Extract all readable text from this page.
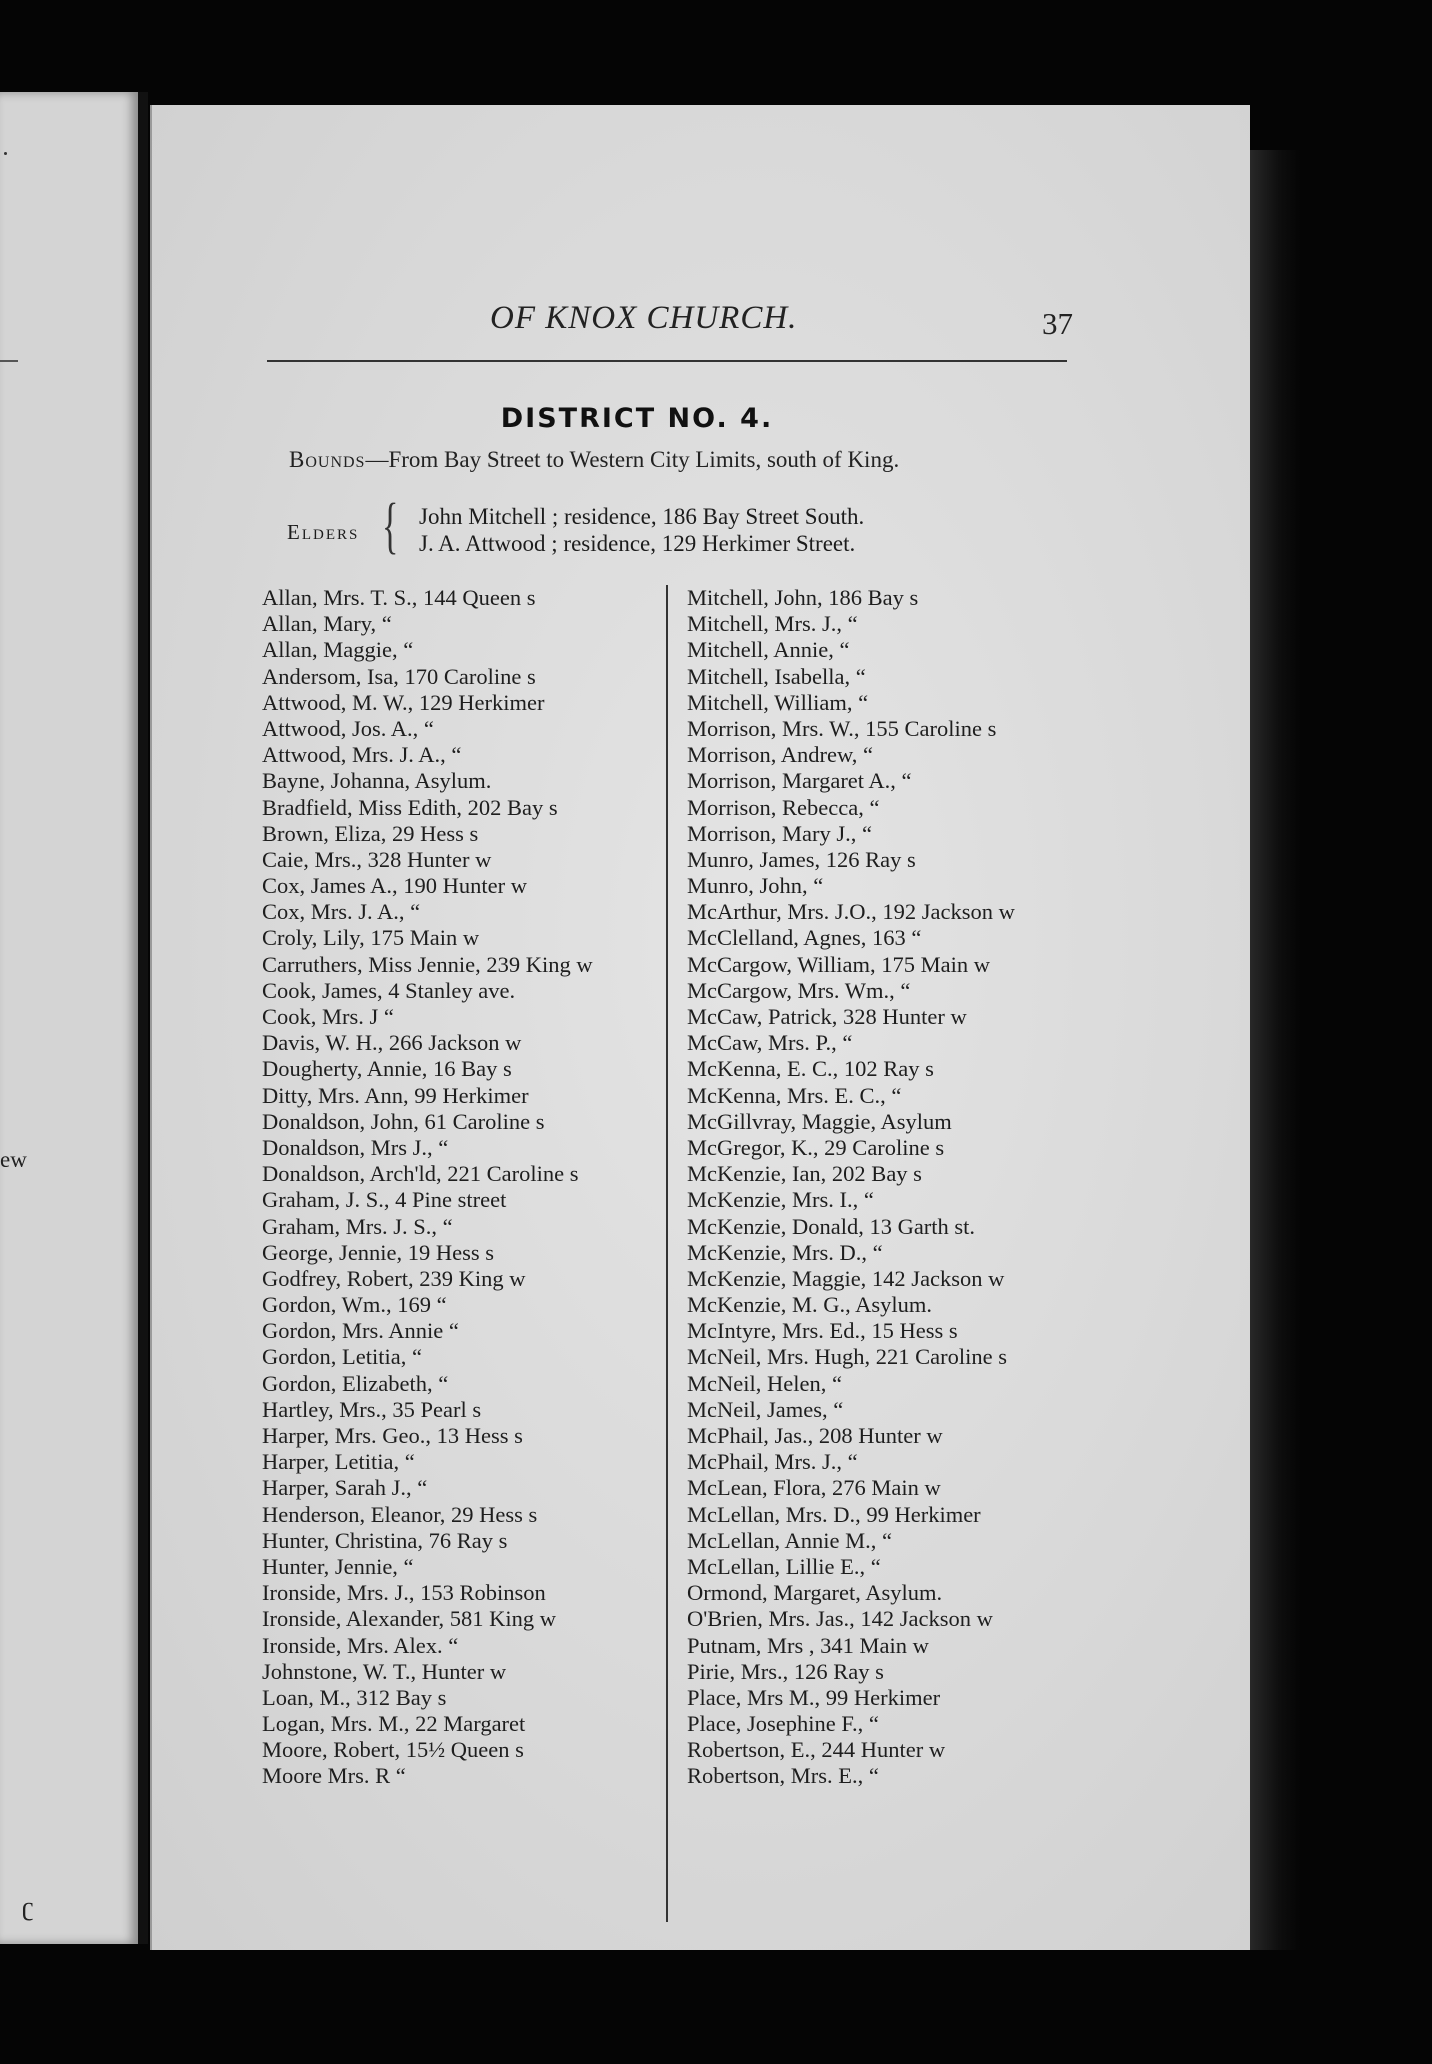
ew
ʗ
OF KNOX CHURCH.	37
DISTRICT NO. 4.
Bounds—From Bay Street to Western City Limits, south of King.
Elders { John Mitchell ; residence, 186 Bay Street South.
J. A. Attwood ; residence, 129 Herkimer Street.
Allan, Mrs. T. S., 144 Queen s
Allan, Mary, “
Allan, Maggie, “
Andersom, Isa, 170 Caroline s
Attwood, M. W., 129 Herkimer
Attwood, Jos. A., “
Attwood, Mrs. J. A., “
Bayne, Johanna, Asylum.
Bradfield, Miss Edith, 202 Bay s
Brown, Eliza, 29 Hess s
Caie, Mrs., 328 Hunter w
Cox, James A., 190 Hunter w
Cox, Mrs. J. A., “
Croly, Lily, 175 Main w
Carruthers, Miss Jennie, 239 King w
Cook, James, 4 Stanley ave.
Cook, Mrs. J “
Davis, W. H., 266 Jackson w
Dougherty, Annie, 16 Bay s
Ditty, Mrs. Ann, 99 Herkimer
Donaldson, John, 61 Caroline s
Donaldson, Mrs J., “
Donaldson, Arch'ld, 221 Caroline s
Graham, J. S., 4 Pine street
Graham, Mrs. J. S., “
George, Jennie, 19 Hess s
Godfrey, Robert, 239 King w
Gordon, Wm., 169 “
Gordon, Mrs. Annie “
Gordon, Letitia, “
Gordon, Elizabeth, “
Hartley, Mrs., 35 Pearl s
Harper, Mrs. Geo., 13 Hess s
Harper, Letitia, “
Harper, Sarah J., “
Henderson, Eleanor, 29 Hess s
Hunter, Christina, 76 Ray s
Hunter, Jennie, “
Ironside, Mrs. J., 153 Robinson
Ironside, Alexander, 581 King w
Ironside, Mrs. Alex. “
Johnstone, W. T., Hunter w
Loan, M., 312 Bay s
Logan, Mrs. M., 22 Margaret
Moore, Robert, 15½ Queen s
Moore Mrs. R “
Mitchell, John, 186 Bay s
Mitchell, Mrs. J., “
Mitchell, Annie, “
Mitchell, Isabella, “
Mitchell, William, “
Morrison, Mrs. W., 155 Caroline s
Morrison, Andrew, “
Morrison, Margaret A., “
Morrison, Rebecca, “
Morrison, Mary J., “
Munro, James, 126 Ray s
Munro, John, “
McArthur, Mrs. J.O., 192 Jackson w
McClelland, Agnes, 163 “
McCargow, William, 175 Main w
McCargow, Mrs. Wm., “
McCaw, Patrick, 328 Hunter w
McCaw, Mrs. P., “
McKenna, E. C., 102 Ray s
McKenna, Mrs. E. C., “
McGillvray, Maggie, Asylum
McGregor, K., 29 Caroline s
McKenzie, Ian, 202 Bay s
McKenzie, Mrs. I., “
McKenzie, Donald, 13 Garth st.
McKenzie, Mrs. D., “
McKenzie, Maggie, 142 Jackson w
McKenzie, M. G., Asylum.
McIntyre, Mrs. Ed., 15 Hess s
McNeil, Mrs. Hugh, 221 Caroline s
McNeil, Helen, “
McNeil, James, “
McPhail, Jas., 208 Hunter w
McPhail, Mrs. J., “
McLean, Flora, 276 Main w
McLellan, Mrs. D., 99 Herkimer
McLellan, Annie M., “
McLellan, Lillie E., “
Ormond, Margaret, Asylum.
O'Brien, Mrs. Jas., 142 Jackson w
Putnam, Mrs , 341 Main w
Pirie, Mrs., 126 Ray s
Place, Mrs M., 99 Herkimer
Place, Josephine F., “
Robertson, E., 244 Hunter w
Robertson, Mrs. E., “
